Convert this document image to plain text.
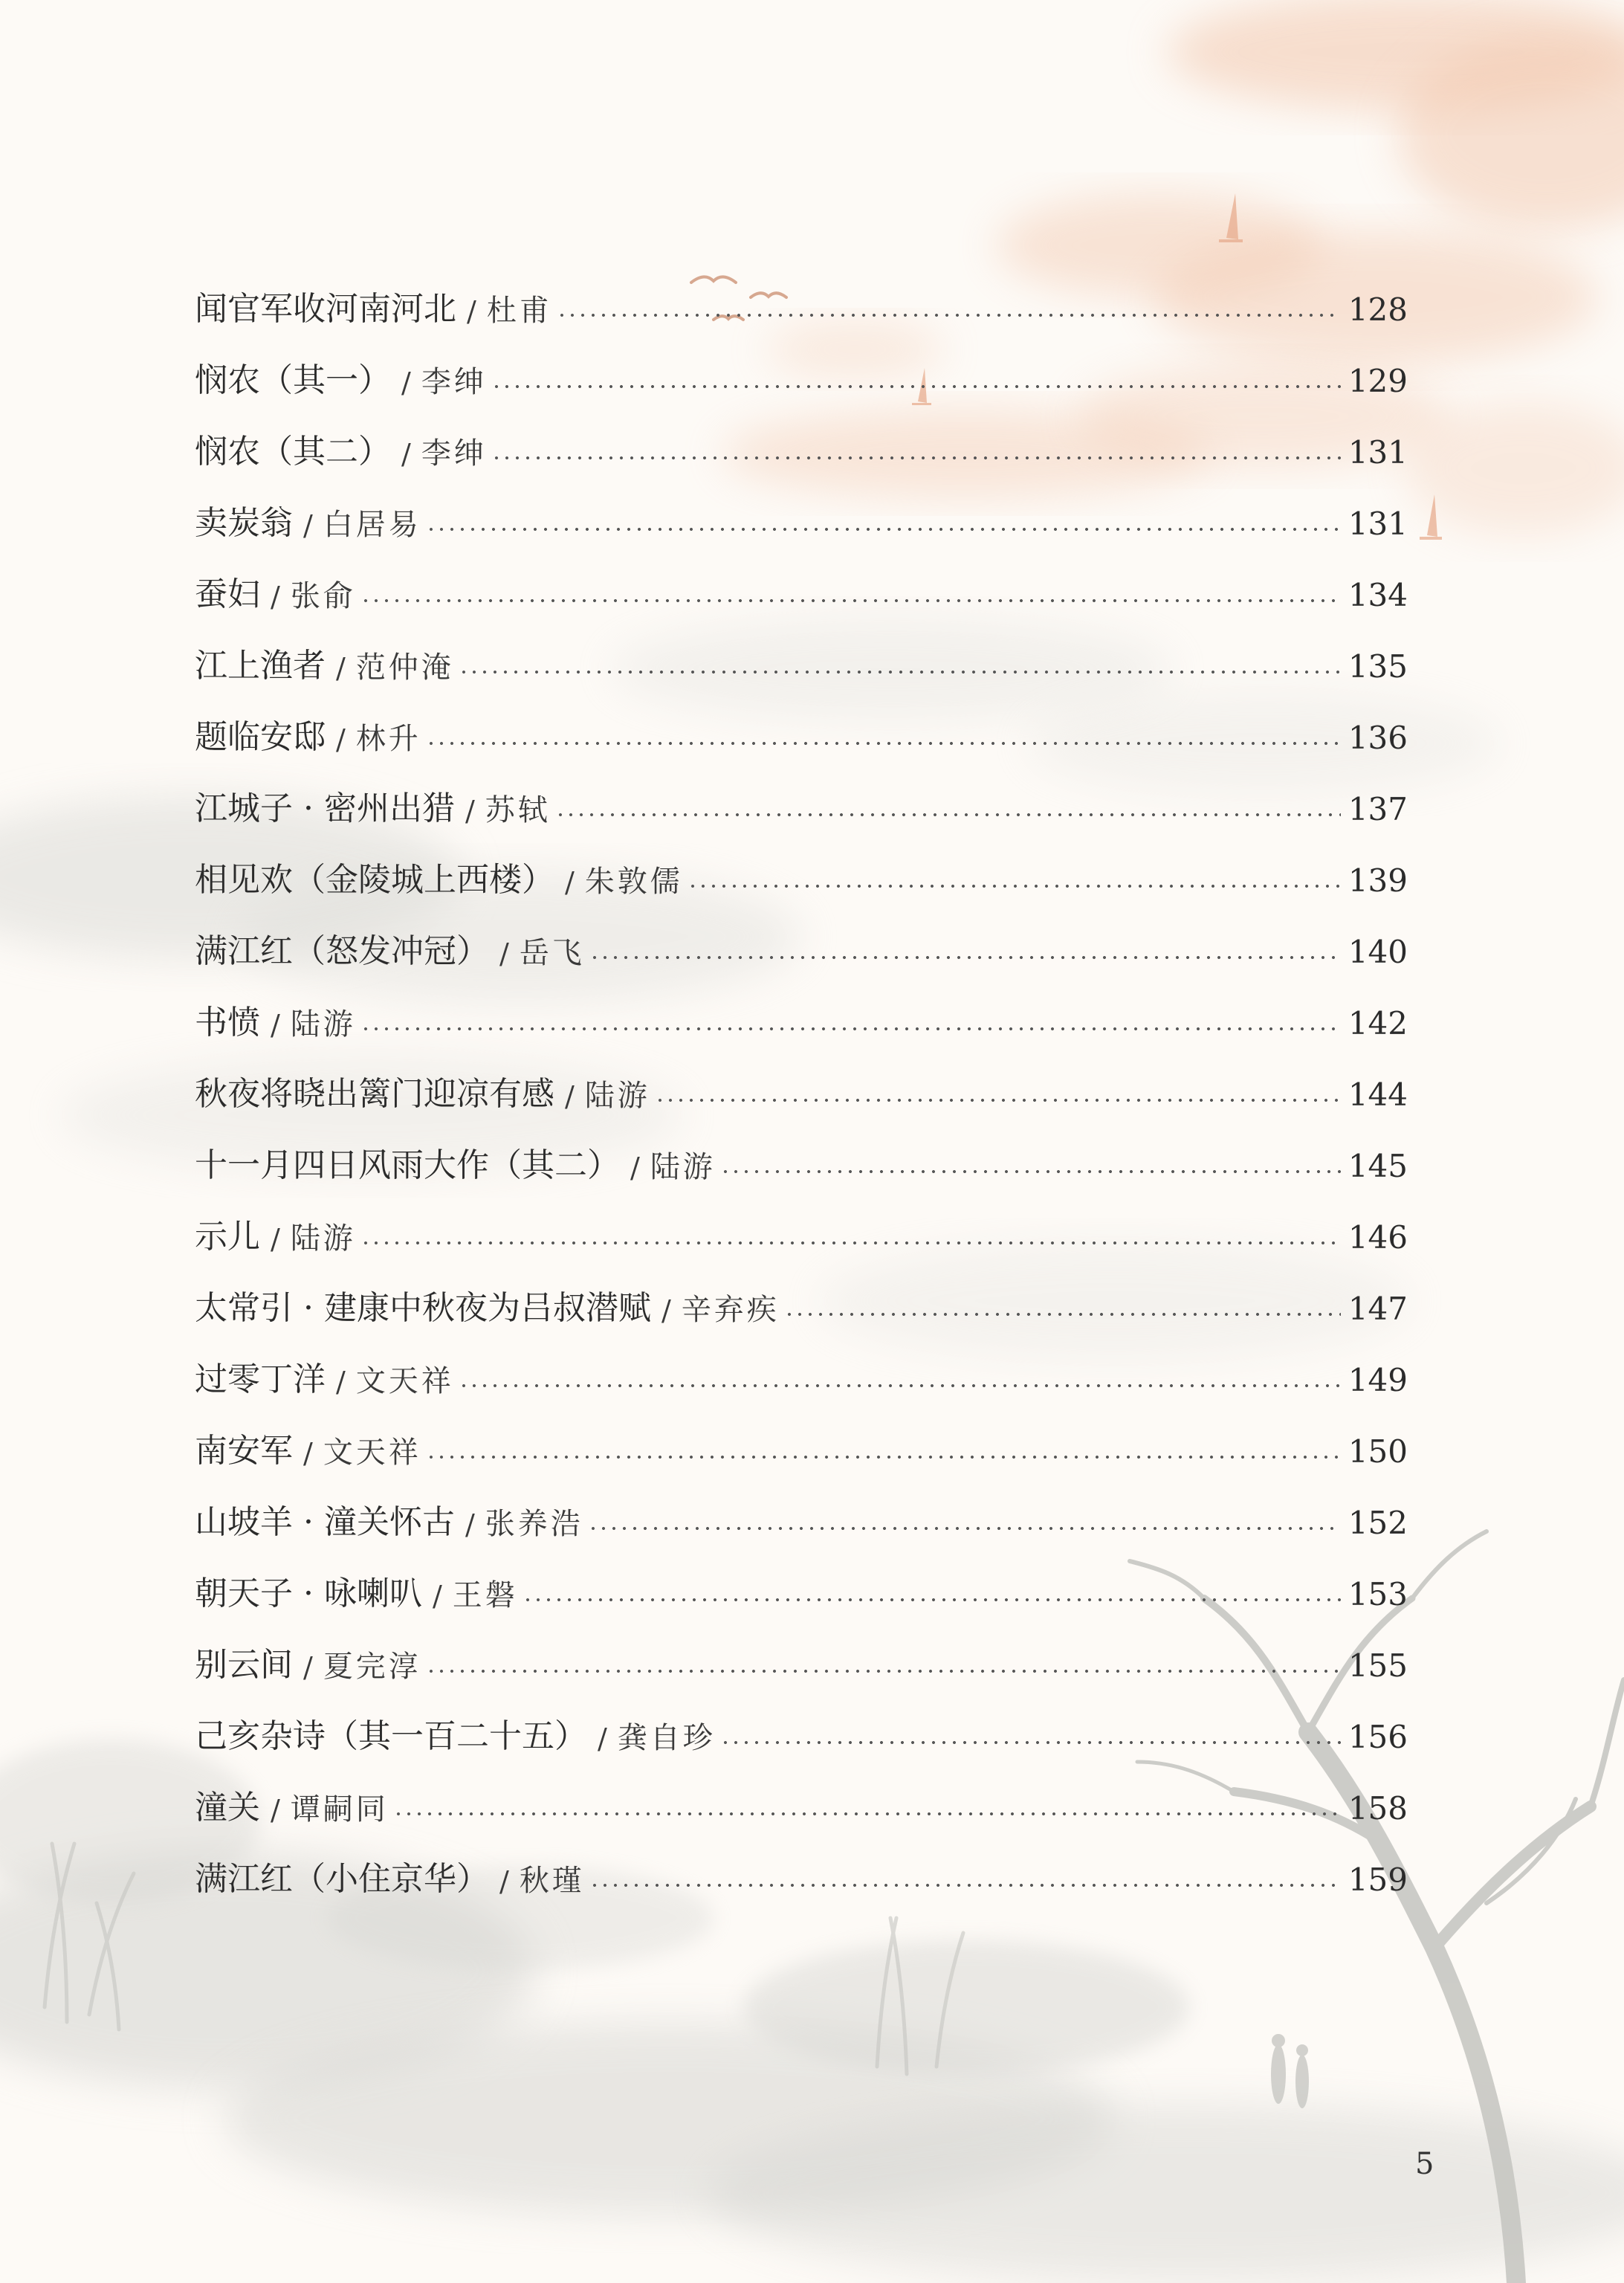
闻官军收河南河北 / 杜甫	128
悯农（其一） / 李绅	129
悯农（其二） / 李绅	131
卖炭翁 / 白居易	131
蚕妇 / 张俞	134
江上渔者 / 范仲淹	135
题临安邸 / 林升	136
江城子 · 密州出猎 / 苏轼	137
相见欢（金陵城上西楼） / 朱敦儒	139
满江红（怒发冲冠） / 岳飞	140
书愤 / 陆游	142
秋夜将晓出篱门迎凉有感 / 陆游	144
十一月四日风雨大作（其二） / 陆游	145
示儿 / 陆游	146
太常引 · 建康中秋夜为吕叔潜赋 / 辛弃疾	147
过零丁洋 / 文天祥	149
南安军 / 文天祥	150
山坡羊 · 潼关怀古 / 张养浩	152
朝天子 · 咏喇叭 / 王磐	153
别云间 / 夏完淳	155
己亥杂诗（其一百二十五） / 龚自珍	156
潼关 / 谭嗣同	158
满江红（小住京华） / 秋瑾	159
5
